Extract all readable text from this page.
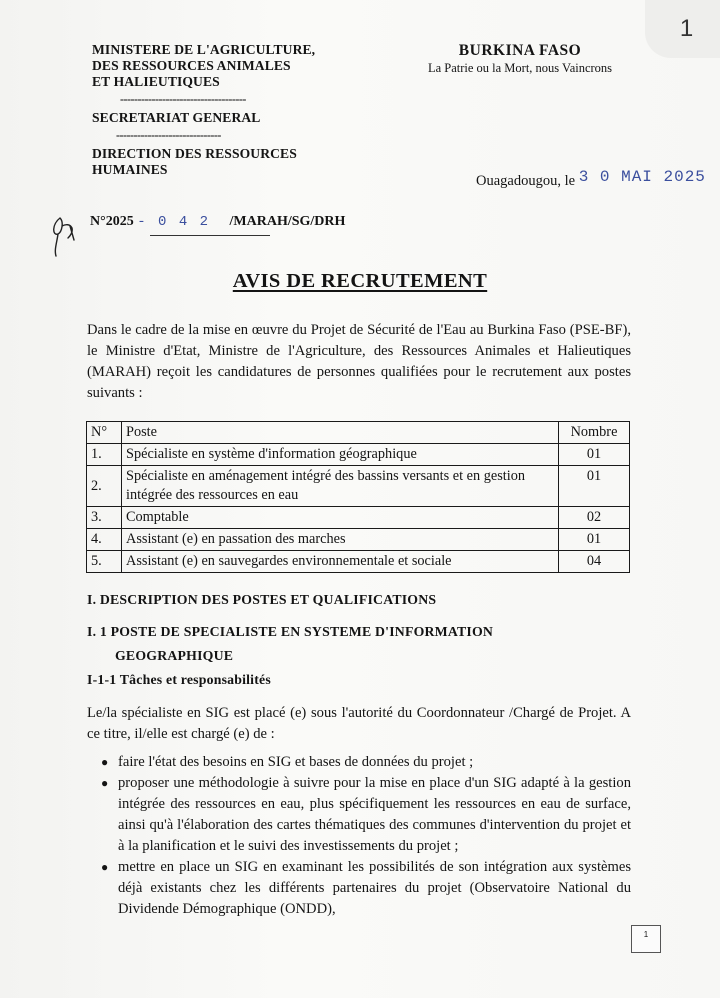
1
MINISTERE DE L'AGRICULTURE,
DES RESSOURCES ANIMALES
ET HALIEUTIQUES
------------------------------------
SECRETARIAT GENERAL
------------------------------
DIRECTION DES RESSOURCES
HUMAINES
BURKINA FASO
La Patrie ou la Mort, nous Vaincrons
Ouagadougou, le 3 0 MAI 2025
N°2025 - 0 4 2 /MARAH/SG/DRH
AVIS DE RECRUTEMENT
Dans le cadre de la mise en œuvre du Projet de Sécurité de l'Eau au Burkina Faso (PSE-BF), le Ministre d'Etat, Ministre de l'Agriculture, des Ressources Animales et Halieutiques (MARAH) reçoit les candidatures de personnes qualifiées pour le recrutement aux postes suivants :
N°	Poste	Nombre
1.	Spécialiste en système d'information géographique	01
2.	Spécialiste en aménagement intégré des bassins versants et en gestion intégrée des ressources en eau	01
3.	Comptable	02
4.	Assistant (e) en passation des marches	01
5.	Assistant (e) en sauvegardes environnementale et sociale	04
I. DESCRIPTION DES POSTES ET QUALIFICATIONS
I. 1 POSTE DE SPECIALISTE EN SYSTEME D'INFORMATION
GEOGRAPHIQUE
I-1-1 Tâches et responsabilités
Le/la spécialiste en SIG est placé (e) sous l'autorité du Coordonnateur /Chargé de Projet. A ce titre, il/elle est chargé (e) de :
● faire l'état des besoins en SIG et bases de données du projet ;
● proposer une méthodologie à suivre pour la mise en place d'un SIG adapté à la gestion intégrée des ressources en eau, plus spécifiquement les ressources en eau de surface, ainsi qu'à l'élaboration des cartes thématiques des communes d'intervention du projet et à la planification et le suivi des investissements du projet ;
● mettre en place un SIG en examinant les possibilités de son intégration aux systèmes déjà existants chez les différents partenaires du projet (Observatoire National du Dividende Démographique (ONDD),
1
